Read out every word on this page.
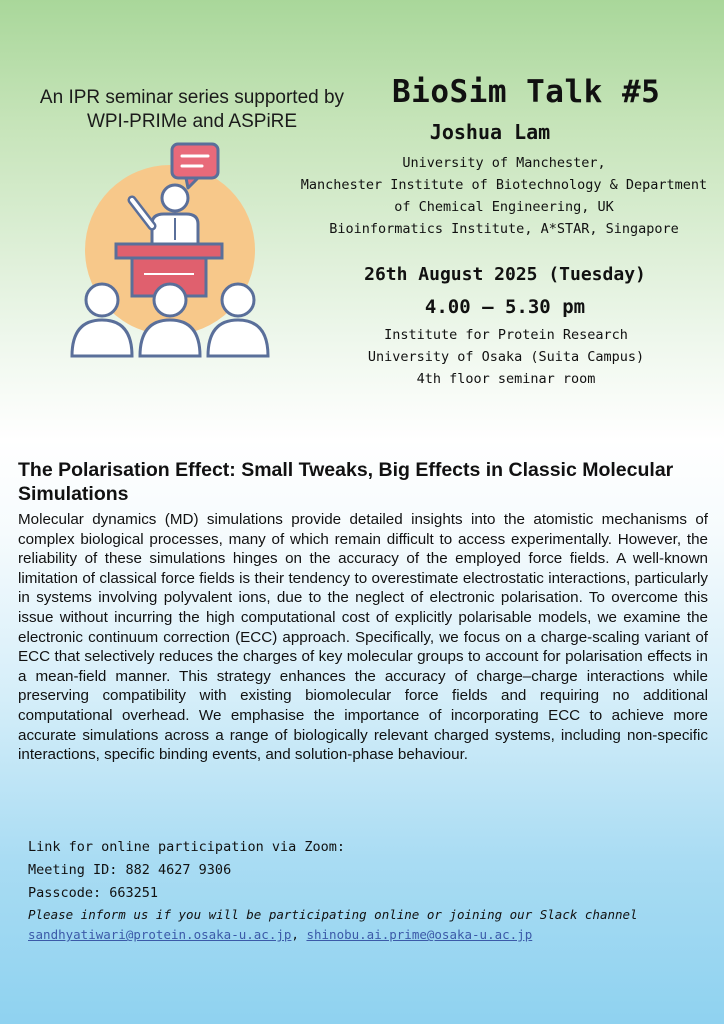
An IPR seminar series supported by
WPI-PRIMe and ASPiRE
BioSim Talk #5
Joshua Lam
University of Manchester,
Manchester Institute of Biotechnology & Department
of Chemical Engineering, UK
Bioinformatics Institute, A*STAR, Singapore
26th August 2025 (Tuesday)
4.00 – 5.30 pm
Institute for Protein Research
University of Osaka (Suita Campus)
4th floor seminar room
The Polarisation Effect: Small Tweaks, Big Effects in Classic Molecular Simulations
Molecular dynamics (MD) simulations provide detailed insights into the atomistic mechanisms of complex biological processes, many of which remain difficult to access experimentally. However, the reliability of these simulations hinges on the accuracy of the employed force fields. A well-known limitation of classical force fields is their tendency to overestimate electrostatic interactions, particularly in systems involving polyvalent ions, due to the neglect of electronic polarisation. To overcome this issue without incurring the high computational cost of explicitly polarisable models, we examine the electronic continuum correction (ECC) approach. Specifically, we focus on a charge-scaling variant of ECC that selectively reduces the charges of key molecular groups to account for polarisation effects in a mean-field manner. This strategy enhances the accuracy of charge–charge interactions while preserving compatibility with existing biomolecular force fields and requiring no additional computational overhead. We emphasise the importance of incorporating ECC to achieve more accurate simulations across a range of biologically relevant charged systems, including non-specific interactions, specific binding events, and solution-phase behaviour.
Link for online participation via Zoom:
Meeting ID: 882 4627 9306
Passcode: 663251
Please inform us if you will be participating online or joining our Slack channel
sandhyatiwari@protein.osaka-u.ac.jp, shinobu.ai.prime@osaka-u.ac.jp
